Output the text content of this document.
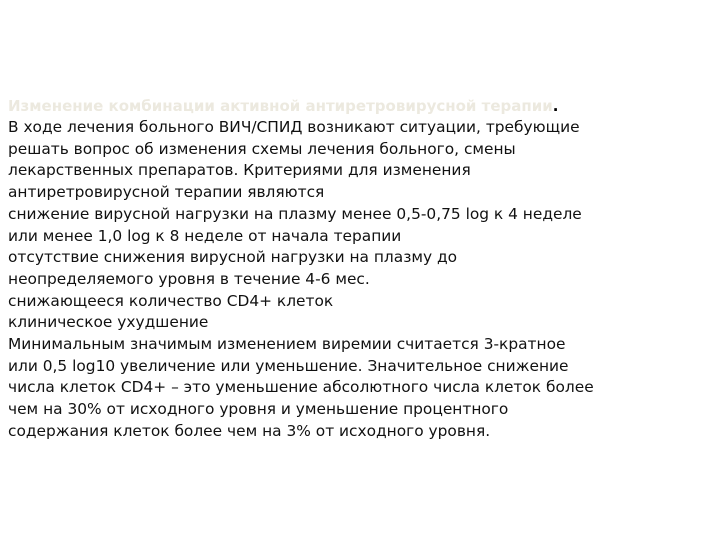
Изменение комбинации активной антиретровирусной терапии.
В ходе лечения больного ВИЧ/СПИД возникают ситуации, требующие
решать вопрос об изменения схемы лечения больного, смены
лекарственных препаратов. Критериями для изменения
антиретровирусной терапии являются
снижение вирусной нагрузки на плазму менее 0,5-0,75 log к 4 неделе
или менее 1,0 log к 8 неделе от начала терапии
отсутствие снижения вирусной нагрузки на плазму до
неопределяемого уровня в течение 4-6 мес.
снижающееся количество CD4+ клеток
клиническое ухудшение
Минимальным значимым изменением виремии считается 3-кратное
или 0,5 log10 увеличение или уменьшение. Значительное снижение
числа клеток CD4+ – это уменьшение абсолютного числа клеток более
чем на 30% от исходного уровня и уменьшение процентного
содержания клеток более чем на 3% от исходного уровня.
